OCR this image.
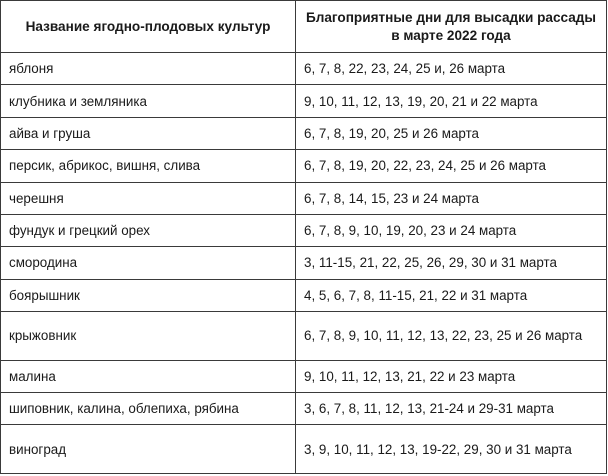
Название ягодно-плодовых культур	Благоприятные дни для высадки рассады в марте 2022 года
яблоня	6, 7, 8, 22, 23, 24, 25 и, 26 марта
клубника и земляника	9, 10, 11, 12, 13, 19, 20, 21 и 22 марта
айва и груша	6, 7, 8, 19, 20, 25 и 26 марта
персик, абрикос, вишня, слива	6, 7, 8, 19, 20, 22, 23, 24, 25 и 26 марта
черешня	6, 7, 8, 14, 15, 23 и 24 марта
фундук и грецкий орех	6, 7, 8, 9, 10, 19, 20, 23 и 24 марта
смородина	3, 11-15, 21, 22, 25, 26, 29, 30 и 31 марта
боярышник	4, 5, 6, 7, 8, 11-15, 21, 22 и 31 марта
крыжовник	6, 7, 8, 9, 10, 11, 12, 13, 22, 23, 25 и 26 марта
малина	9, 10, 11, 12, 13, 21, 22 и 23 марта
шиповник, калина, облепиха, рябина	3, 6, 7, 8, 11, 12, 13, 21-24 и 29-31 марта
виноград	3, 9, 10, 11, 12, 13, 19-22, 29, 30 и 31 марта
